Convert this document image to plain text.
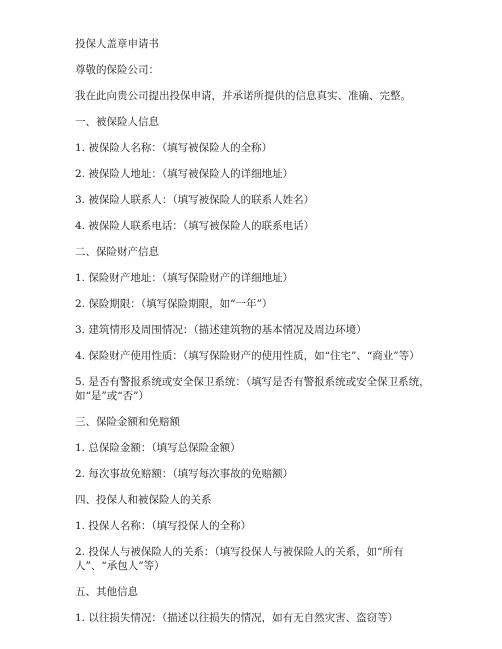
投保人盖章申请书
尊敬的保险公司：
我在此向贵公司提出投保申请，并承诺所提供的信息真实、准确、完整。
一、被保险人信息
1. 被保险人名称：（填写被保险人的全称）
2. 被保险人地址：（填写被保险人的详细地址）
3. 被保险人联系人：（填写被保险人的联系人姓名）
4. 被保险人联系电话：（填写被保险人的联系电话）
二、保险财产信息
1. 保险财产地址：（填写保险财产的详细地址）
2. 保险期限：（填写保险期限，如“一年”）
3. 建筑情形及周围情况：（描述建筑物的基本情况及周边环境）
4. 保险财产使用性质：（填写保险财产的使用性质，如“住宅”、“商业”等）
5. 是否有警报系统或安全保卫系统：（填写是否有警报系统或安全保卫系统，如“是”或“否”）
三、保险金额和免赔额
1. 总保险金额：（填写总保险金额）
2. 每次事故免赔额：（填写每次事故的免赔额）
四、投保人和被保险人的关系
1. 投保人名称：（填写投保人的全称）
2. 投保人与被保险人的关系：（填写投保人与被保险人的关系，如“所有人”、“承包人”等）
五、其他信息
1. 以往损失情况：（描述以往损失的情况，如有无自然灾害、盗窃等）
